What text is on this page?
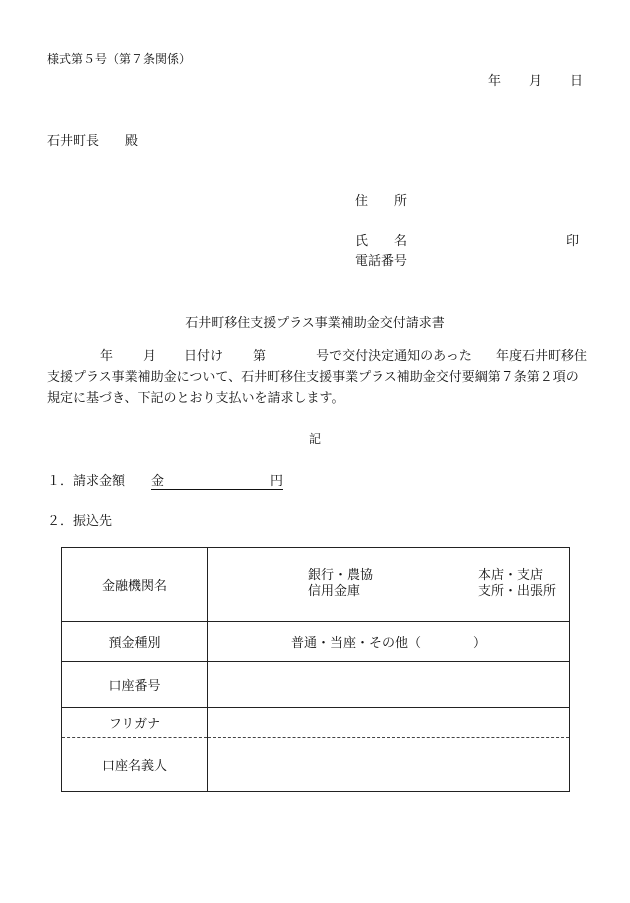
様式第５号（第７条関係）
年 月 日
石井町長 殿
住　　所
氏　　名	印
電話番号
石井町移住支援プラス事業補助金交付請求書
年 月 日付け 第	号で交付決定通知のあった 年度石井町移住支援プラス事業補助金について、石井町移住支援事業プラス補助金交付要綱第７条第２項の規定に基づき、下記のとおり支払いを請求します。
記
１．請求金額 金	円
２．振込先
金融機関名	銀行・農協
信用金庫
本店・支店
支所・出張所

預金種別	普通・当座・その他（　　　　）
口座番号	
フリガナ	
口座名義人	
